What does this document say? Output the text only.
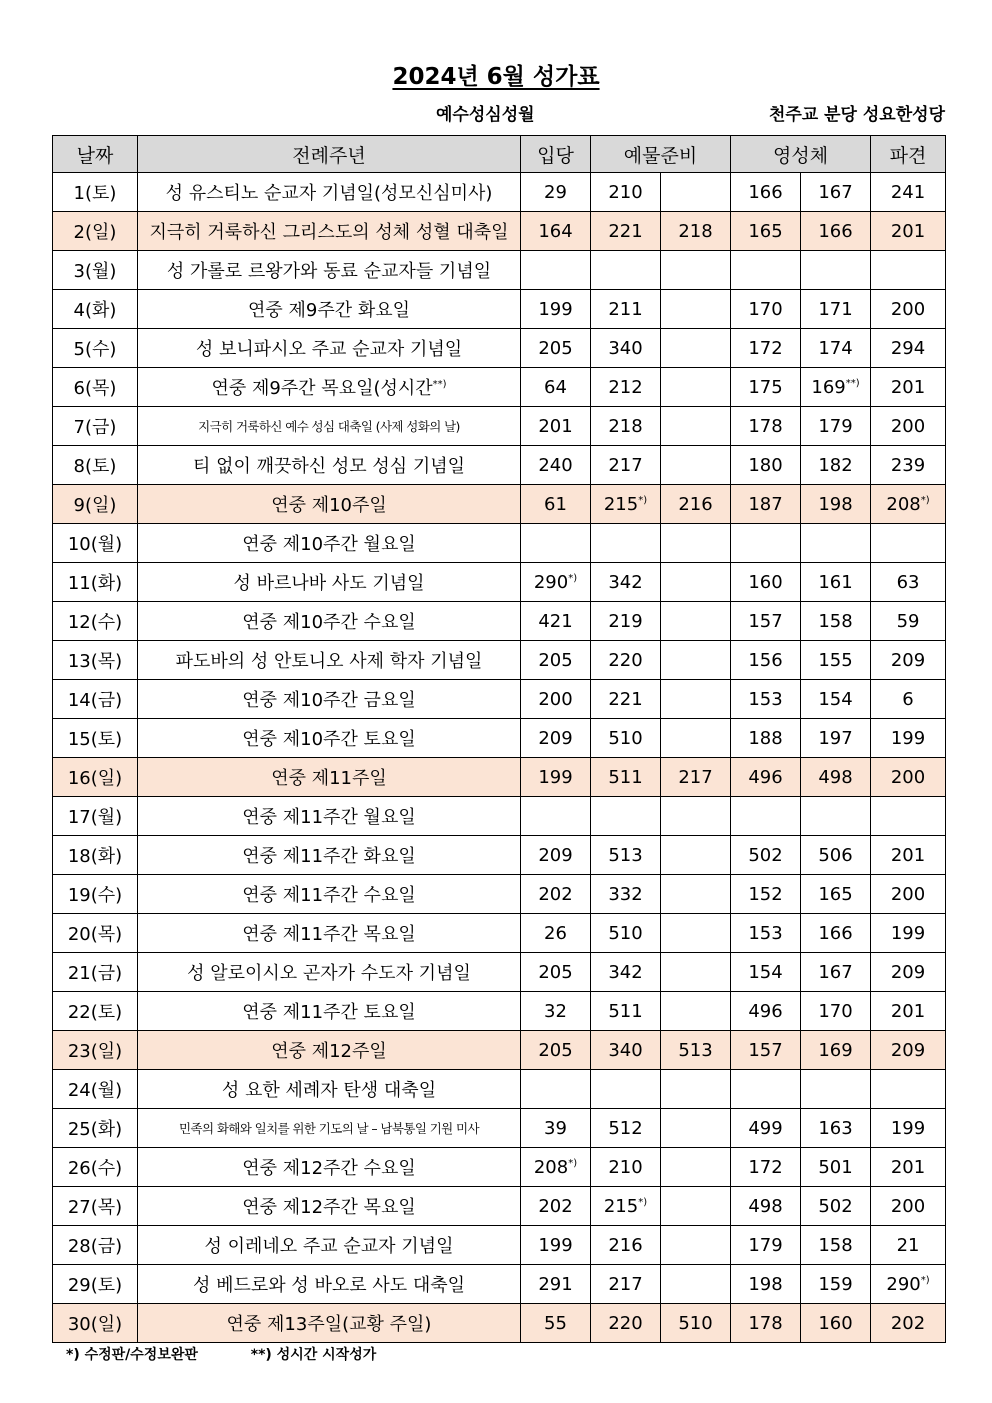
2024년 6월 성가표
예수성심성월	천주교 분당 성요한성당
날짜	전례주년	입당	예물준비		영성체		파견
1(토)	성 유스티노 순교자 기념일(성모신심미사)	29	210		166	167	241
2(일)	지극히 거룩하신 그리스도의 성체 성혈 대축일	164	221	218	165	166	201
3(월)	성 가롤로 르왕가와 동료 순교자들 기념일						
4(화)	연중 제9주간 화요일	199	211		170	171	200
5(수)	성 보니파시오 주교 순교자 기념일	205	340		172	174	294
6(목)	연중 제9주간 목요일(성시간**)	64	212		175	169**)	201
7(금)	지극히 거룩하신 예수 성심 대축일 (사제 성화의 날)	201	218		178	179	200
8(토)	티 없이 깨끗하신 성모 성심 기념일	240	217		180	182	239
9(일)	연중 제10주일	61	215*)	216	187	198	208*)
10(월)	연중 제10주간 월요일						
11(화)	성 바르나바 사도 기념일	290*)	342		160	161	63
12(수)	연중 제10주간 수요일	421	219		157	158	59
13(목)	파도바의 성 안토니오 사제 학자 기념일	205	220		156	155	209
14(금)	연중 제10주간 금요일	200	221		153	154	6
15(토)	연중 제10주간 토요일	209	510		188	197	199
16(일)	연중 제11주일	199	511	217	496	498	200
17(월)	연중 제11주간 월요일						
18(화)	연중 제11주간 화요일	209	513		502	506	201
19(수)	연중 제11주간 수요일	202	332		152	165	200
20(목)	연중 제11주간 목요일	26	510		153	166	199
21(금)	성 알로이시오 곤자가 수도자 기념일	205	342		154	167	209
22(토)	연중 제11주간 토요일	32	511		496	170	201
23(일)	연중 제12주일	205	340	513	157	169	209
24(월)	성 요한 세례자 탄생 대축일						
25(화)	민족의 화해와 일치를 위한 기도의 날 – 남북통일 기원 미사	39	512		499	163	199
26(수)	연중 제12주간 수요일	208*)	210		172	501	201
27(목)	연중 제12주간 목요일	202	215*)		498	502	200
28(금)	성 이레네오 주교 순교자 기념일	199	216		179	158	21
29(토)	성 베드로와 성 바오로 사도 대축일	291	217		198	159	290*)
30(일)	연중 제13주일(교황 주일)	55	220	510	178	160	202
*) 수정판/수정보완판	**) 성시간 시작성가
